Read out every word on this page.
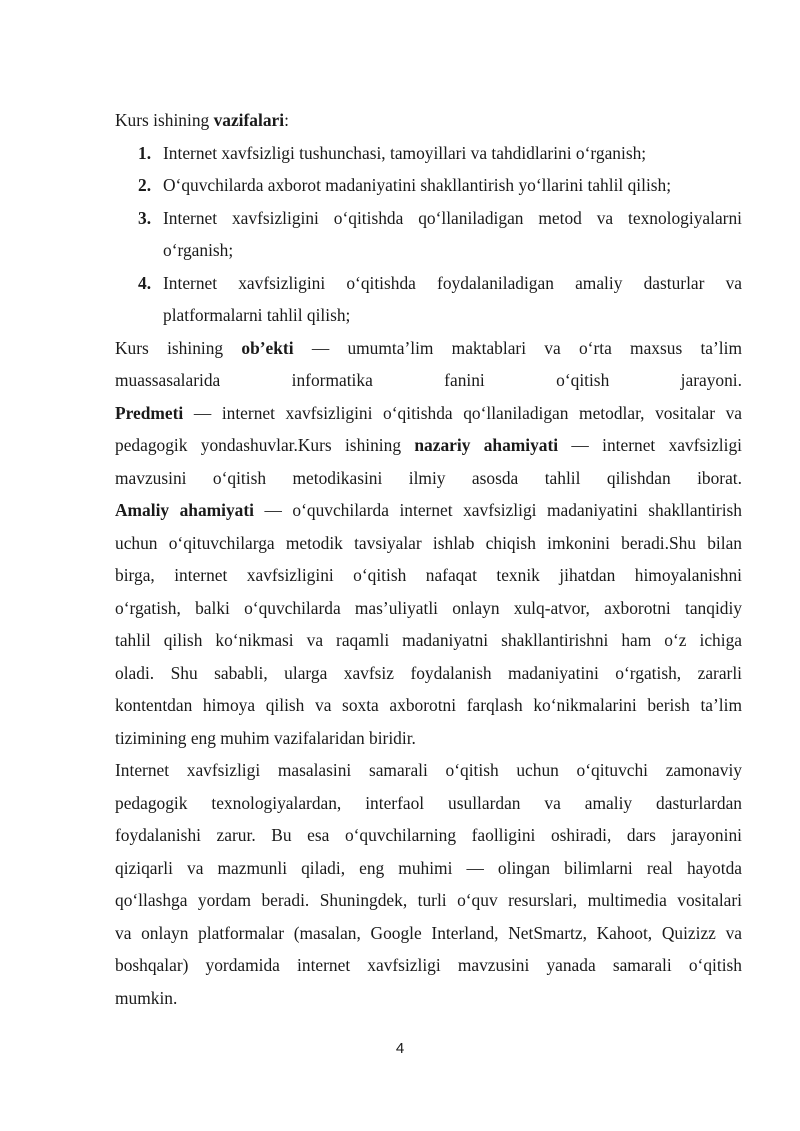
Kurs ishining vazifalari:
1. Internet xavfsizligi tushunchasi, tamoyillari va tahdidlarini oʻrganish;
2. Oʻquvchilarda axborot madaniyatini shakllantirish yoʻllarini tahlil qilish;
3. Internet xavfsizligini oʻqitishda qoʻllaniladigan metod va texnologiyalarni
oʻrganish;
4. Internet xavfsizligini oʻqitishda foydalaniladigan amaliy dasturlar va
platformalarni tahlil qilish;
Kurs ishining ob’ekti — umumtaʼlim maktablari va oʻrta maxsus taʼlim
muassasalarida informatika fanini oʻqitish jarayoni.
Predmeti — internet xavfsizligini oʻqitishda qoʻllaniladigan metodlar, vositalar va
pedagogik yondashuvlar.Kurs ishining nazariy ahamiyati — internet xavfsizligi
mavzusini oʻqitish metodikasini ilmiy asosda tahlil qilishdan iborat.
Amaliy ahamiyati — oʻquvchilarda internet xavfsizligi madaniyatini shakllantirish
uchun oʻqituvchilarga metodik tavsiyalar ishlab chiqish imkonini beradi.Shu bilan
birga, internet xavfsizligini oʻqitish nafaqat texnik jihatdan himoyalanishni
oʻrgatish, balki oʻquvchilarda masʼuliyatli onlayn xulq-atvor, axborotni tanqidiy
tahlil qilish koʻnikmasi va raqamli madaniyatni shakllantirishni ham oʻz ichiga
oladi. Shu sababli, ularga xavfsiz foydalanish madaniyatini oʻrgatish, zararli
kontentdan himoya qilish va soxta axborotni farqlash koʻnikmalarini berish taʼlim
tizimining eng muhim vazifalaridan biridir.
Internet xavfsizligi masalasini samarali oʻqitish uchun oʻqituvchi zamonaviy
pedagogik texnologiyalardan, interfaol usullardan va amaliy dasturlardan
foydalanishi zarur. Bu esa oʻquvchilarning faolligini oshiradi, dars jarayonini
qiziqarli va mazmunli qiladi, eng muhimi — olingan bilimlarni real hayotda
qoʻllashga yordam beradi. Shuningdek, turli oʻquv resurslari, multimedia vositalari
va onlayn platformalar (masalan, Google Interland, NetSmartz, Kahoot, Quizizz va
boshqalar) yordamida internet xavfsizligi mavzusini yanada samarali oʻqitish
mumkin.
4
